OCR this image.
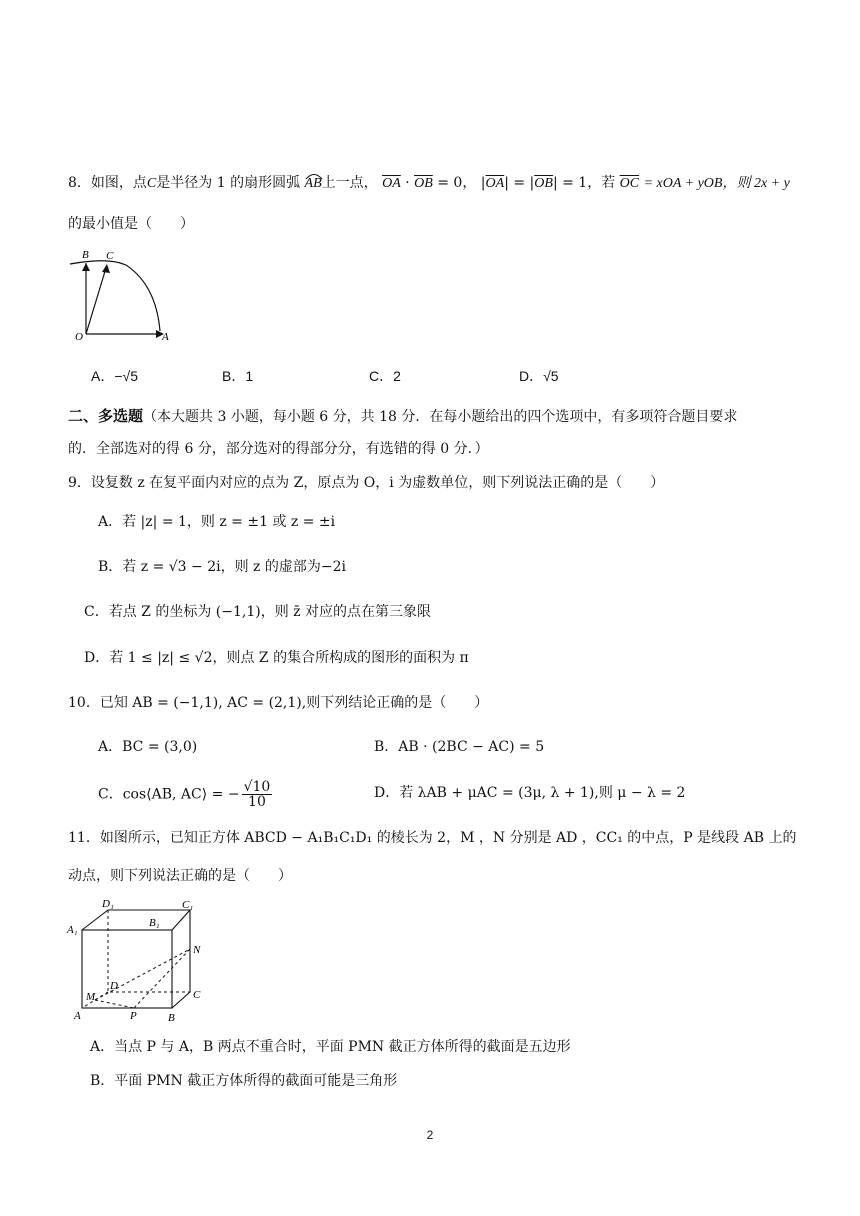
8．如图，点C是半径为 1 的扇形圆弧 AB上一点， $\overline{OA} \cdot \overline{OB} = 0$， $|\overline{OA}| = |\overline{OB}| = 1$，若 $\overline{OC}$ = xOA + yOB，则 2x + y
的最小值是（　　）
B C
O	A
A．−√5	B．1	C．2	D．√5
二、多选题（本大题共 3 小题，每小题 6 分，共 18 分．在每小题给出的四个选项中，有多项符合题目要求
的．全部选对的得 6 分，部分选对的得部分分，有选错的得 0 分．）
9．设复数 z 在复平面内对应的点为 Z，原点为 O，i 为虚数单位，则下列说法正确的是（　　）
A．若 |z| = 1，则 z = ±1 或 z = ±i
B．若 z = √3 − 2i，则 z 的虚部为−2i
C．若点 Z 的坐标为 (−1,1)，则 z̄ 对应的点在第三象限
D．若 1 ≤ |z| ≤ √2，则点 Z 的集合所构成的图形的面积为 π
10．已知 AB = (−1,1), AC = (2,1),则下列结论正确的是（　　）
A．BC = (3,0)	B．AB · (2BC − AC) = 5
C．cos⟨AB, AC⟩ = − $\frac{√10}{10}$	D．若 λAB + μAC = (3μ, λ + 1),则 μ − λ = 2
11．如图所示，已知正方体 ABCD − A₁B₁C₁D₁ 的棱长为 2，M ，N 分别是 AD ，CC₁ 的中点，P 是线段 AB 上的
动点，则下列说法正确的是（　　）
D₁	C₁
A₁
B₁
N
D
C
M
A	P	B
A．当点 P 与 A，B 两点不重合时，平面 PMN 截正方体所得的截面是五边形
B．平面 PMN 截正方体所得的截面可能是三角形
2
